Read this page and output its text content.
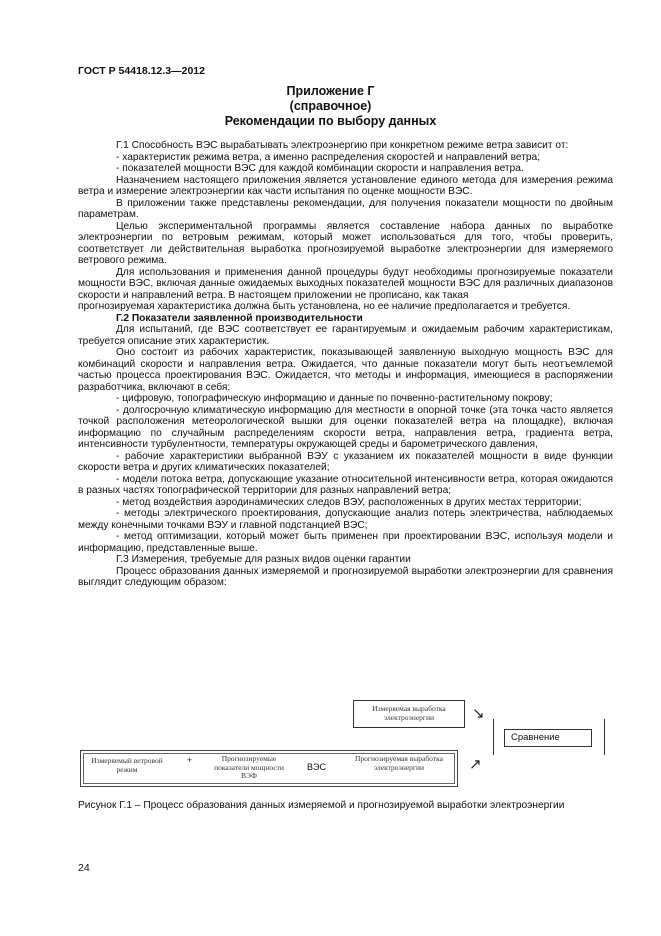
ГОСТ Р 54418.12.3—2012
Приложение Г
(справочное)
Рекомендации по выбору данных

Г.1 Способность ВЭС вырабатывать электроэнергию при конкретном режиме ветра зависит от:

- характеристик режима ветра, а именно распределения скоростей и направлений ветра;

- показателей мощности ВЭС для каждой комбинации скорости и направления ветра.

Назначением настоящего приложения является установление единого метода для измерения режима ветра и измерение электроэнергии как части испытания по оценке мощности ВЭС.

В приложении также представлены рекомендации, для получения показатели мощности по двойным параметрам.

Целью экспериментальной программы является составление набора данных по выработке электроэнергии по ветровым режимам, который может использоваться для того, чтобы проверить, соответствует ли действительная выработка прогнозируемой выработке электроэнергии для измеряемого ветрового режима.

Для использования и применения данной процедуры будут необходимы прогнозируемые показатели мощности ВЭС, включая данные ожидаемых выходных показателей мощности ВЭС для различных диапазонов скорости и направлений ветра. В настоящем приложении не прописано, как такая

прогнозируемая характеристика должна быть установлена, но ее наличие предполагается и требуется.

Г.2 Показатели заявленной производительности

Для испытаний, где ВЭС соответствует ее гарантируемым и ожидаемым рабочим характеристикам, требуется описание этих характеристик.

Оно состоит из рабочих характеристик, показывающей заявленную выходную мощность ВЭС для комбинаций скорости и направления ветра. Ожидается, что данные показатели могут быть неотъемлемой частью процесса проектирования ВЭС. Ожидается, что методы и информация, имеющиеся в распоряжении разработчика, включают в себя:

- цифровую, топографическую информацию и данные по почвенно-растительному покрову;

- долгосрочную климатическую информацию для местности в опорной точке (эта точка часто является точкой расположения метеорологической вышки для оценки показателей ветра на площадке), включая информацию по случайным распределениям скорости ветра, направления ветра, градиента ветра, интенсивности турбулентности, температуры окружающей среды и барометрического давления,

- рабочие характеристики выбранной ВЭУ с указанием их показателей мощности в виде функции скорости ветра и других климатических показателей;

- модели потока ветра, допускающие указание относительной интенсивности ветра, которая ожидаются в разных частях топографической территории для разных направлений ветра;

- метод воздействия аэродинамических следов ВЭУ, расположенных в других местах территории;

- методы электрического проектирования, допускающие анализ потерь электричества, наблюдаемых между конечными точками ВЭУ и главной подстанцией ВЭС;

- метод оптимизации, который может быть применен при проектировании ВЭС, используя модели и информацию, представленные выше.

Г.3 Измерения, требуемые для разных видов оценки гарантии

Процесс образования данных измеряемой и прогнозируемой выработки электроэнергии для сравнения выглядит следующим образом:

Измеряемая выработка электроэнергии	↘
Измеряемый ветровой режим
+	Прогнозируемые показатели мощности ВЭФ
ВЭС
Прогнозируемая выработка электроэнергии	↗
Сравнение
Рисунок Г.1 – Процесс образования данных измеряемой и прогнозируемой выработки электроэнергии
24
